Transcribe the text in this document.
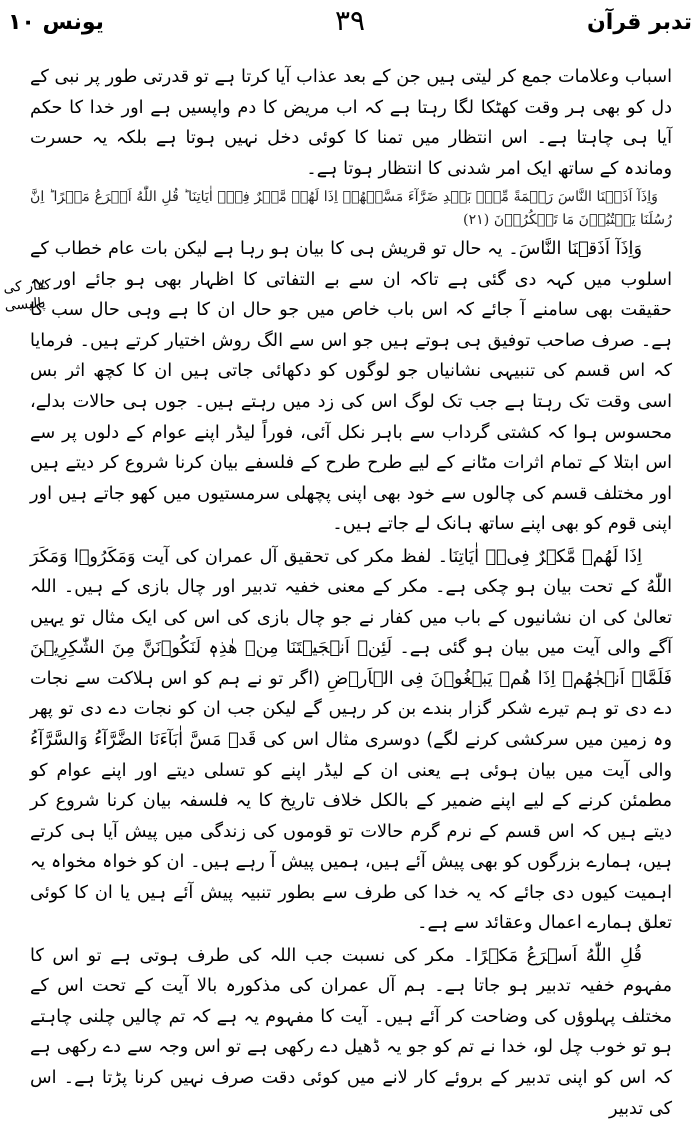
یونس ۱۰	۳۹	تدبر قرآن
کفار کی پالیسی

اسباب وعلامات جمع کر لیتی ہیں جن کے بعد عذاب آیا کرتا ہے تو قدرتی طور پر نبی کے دل کو بھی ہر وقت کھٹکا لگا رہتا ہے کہ اب مریض کا دم واپسیں ہے اور خدا کا حکم آیا ہی چاہتا ہے۔ اس انتظار میں تمنا کا کوئی دخل نہیں ہوتا ہے بلکہ یہ حسرت وماندہ کے ساتھ ایک امر شدنی کا انتظار ہوتا ہے۔

وَاِذَآ اَذَقۡنَا النَّاسَ رَحۡمَةً مِّنۡۢ بَعۡدِ ضَرَّآءَ مَسَّتۡهُمۡ اِذَا لَهُمۡ مَّكۡرٌ فِیۡۤ اٰیَاتِنَا ؕ قُلِ اللّٰهُ اَسۡرَعُ مَكۡرًا ؕ اِنَّ رُسُلَنَا یَكۡتُبُوۡنَ مَا تَمۡكُرُوۡنَ (۲۱)

وَاِذَآ اَذَقۡنَا النَّاسَ۔ یہ حال تو قریش ہی کا بیان ہو رہا ہے لیکن بات عام خطاب کے اسلوب میں کہہ دی گئی ہے تاکہ ان سے بے التفاتی کا اظہار بھی ہو جائے اور یہ حقیقت بھی سامنے آ جائے کہ اس باب خاص میں جو حال ان کا ہے وہی حال سب کا ہے۔ صرف صاحب توفیق ہی ہوتے ہیں جو اس سے الگ روش اختیار کرتے ہیں۔ فرمایا کہ اس قسم کی تنبیہی نشانیاں جو لوگوں کو دکھائی جاتی ہیں ان کا کچھ اثر بس اسی وقت تک رہتا ہے جب تک لوگ اس کی زد میں رہتے ہیں۔ جوں ہی حالات بدلے، محسوس ہوا کہ کشتی گرداب سے باہر نکل آئی، فوراً لیڈر اپنے عوام کے دلوں پر سے اس ابتلا کے تمام اثرات مٹانے کے لیے طرح طرح کے فلسفے بیان کرنا شروع کر دیتے ہیں اور مختلف قسم کی چالوں سے خود بھی اپنی پچھلی سرمستیوں میں کھو جاتے ہیں اور اپنی قوم کو بھی اپنے ساتھ ہانک لے جاتے ہیں۔

اِذَا لَهُمۡ مَّكۡرٌ فِیۡۤ اٰیَاتِنَا۔ لفظ مکر کی تحقیق آل عمران کی آیت وَمَكَرُوۡا وَمَكَرَ اللّٰهُ کے تحت بیان ہو چکی ہے۔ مکر کے معنی خفیہ تدبیر اور چال بازی کے ہیں۔ اللہ تعالیٰ کی ان نشانیوں کے باب میں کفار نے جو چال بازی کی اس کی ایک مثال تو یہیں آگے والی آیت میں بیان ہو گئی ہے۔ لَئِنۡ اَنۡجَیۡتَنَا مِنۡ هٰذِهٖ لَنَكُوۡنَنَّ مِنَ الشّٰكِرِیۡنَ فَلَمَّاۤ اَنۡجٰهُمۡ اِذَا هُمۡ یَبۡغُوۡنَ فِی الۡاَرۡضِ (اگر تو نے ہم کو اس ہلاکت سے نجات دے دی تو ہم تیرے شکر گزار بندے بن کر رہیں گے لیکن جب ان کو نجات دے دی تو پھر وہ زمین میں سرکشی کرنے لگے) دوسری مثال اس کی قَدۡ مَسَّ اٰبَآءَنَا الضَّرَّآءُ وَالسَّرَّآءُ والی آیت میں بیان ہوئی ہے یعنی ان کے لیڈر اپنے کو تسلی دیتے اور اپنے عوام کو مطمئن کرنے کے لیے اپنے ضمیر کے بالکل خلاف تاریخ کا یہ فلسفہ بیان کرنا شروع کر دیتے ہیں کہ اس قسم کے نرم گرم حالات تو قوموں کی زندگی میں پیش آیا ہی کرتے ہیں، ہمارے بزرگوں کو بھی پیش آئے ہیں، ہمیں پیش آ رہے ہیں۔ ان کو خواہ مخواہ یہ اہمیت کیوں دی جائے کہ یہ خدا کی طرف سے بطور تنبیہ پیش آئے ہیں یا ان کا کوئی تعلق ہمارے اعمال وعقائد سے ہے۔

قُلِ اللّٰهُ اَسۡرَعُ مَكۡرًا۔ مکر کی نسبت جب اللہ کی طرف ہوتی ہے تو اس کا مفہوم خفیہ تدبیر ہو جاتا ہے۔ ہم آل عمران کی مذکورہ بالا آیت کے تحت اس کے مختلف پہلوؤں کی وضاحت کر آئے ہیں۔ آیت کا مفہوم یہ ہے کہ تم چالیں چلنی چاہتے ہو تو خوب چل لو، خدا نے تم کو جو یہ ڈھیل دے رکھی ہے تو اس وجہ سے دے رکھی ہے کہ اس کو اپنی تدبیر کے بروئے کار لانے میں کوئی دقت صرف نہیں کرنا پڑتا ہے۔ اس کی تدبیر
